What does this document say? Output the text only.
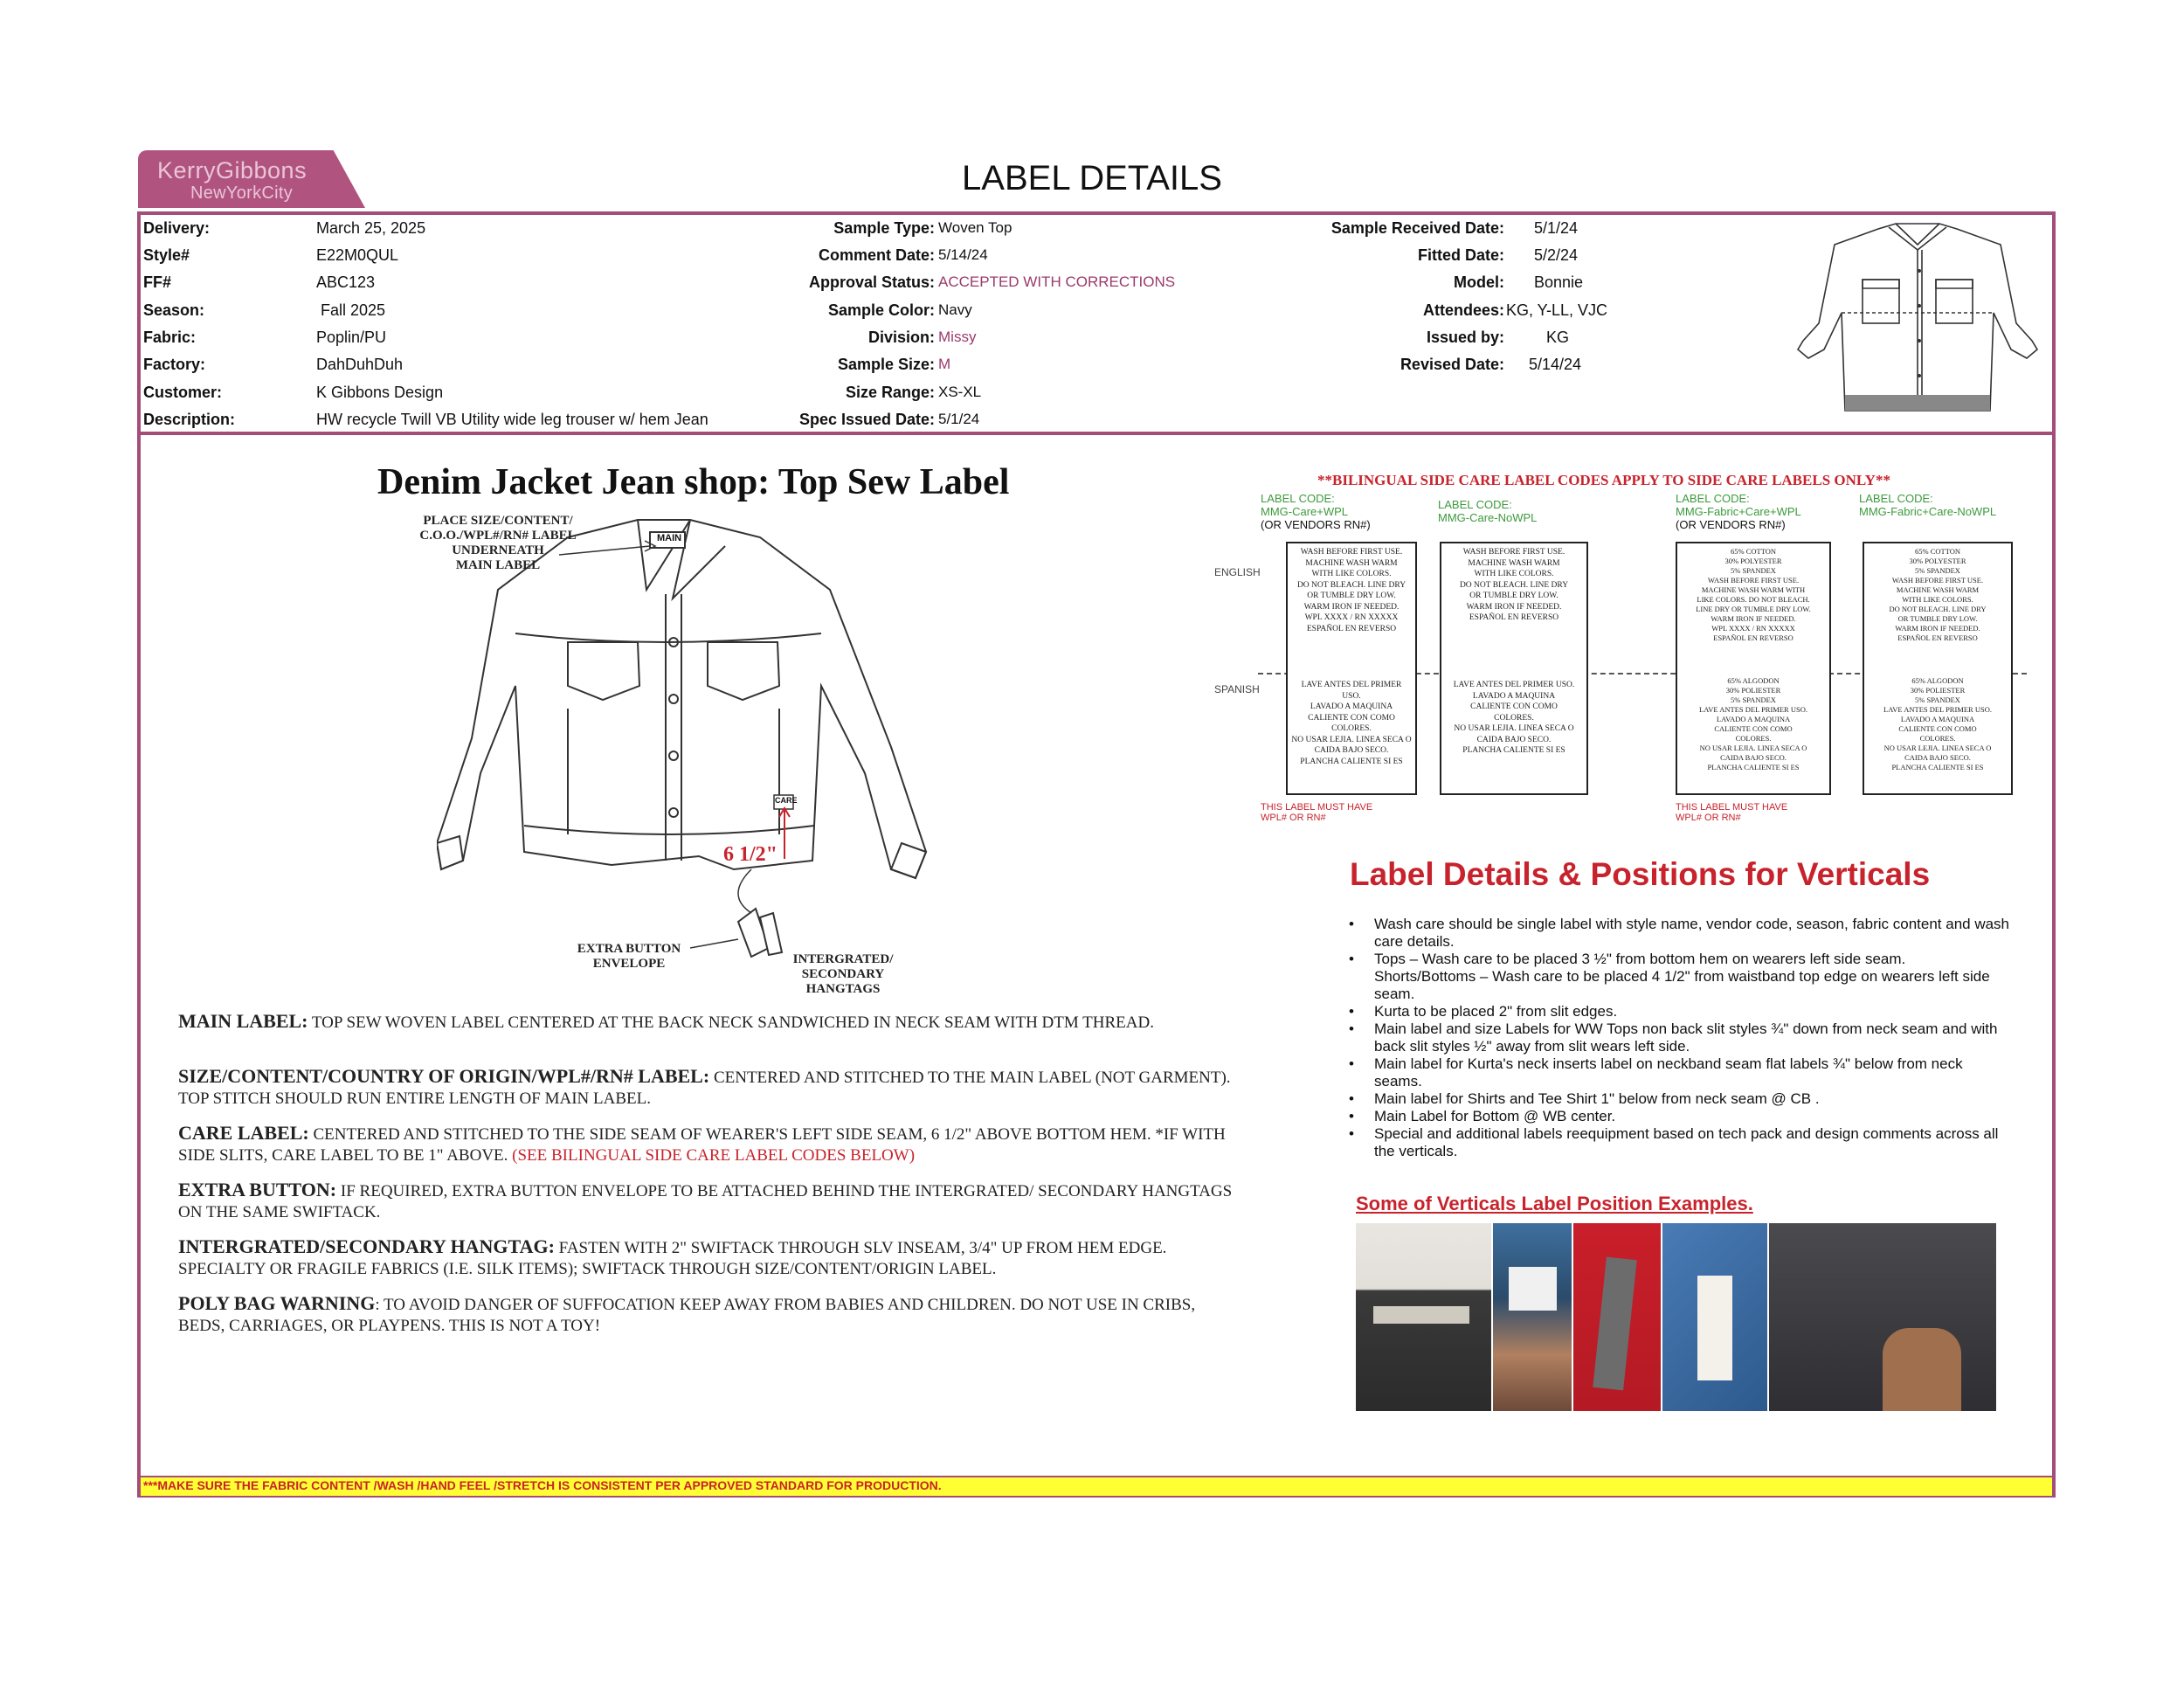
KerryGibbons
NewYorkCity	LABEL DETAILS
Delivery:	March 25, 2025
Style#	E22M0QUL
FF#	ABC123
Season:	Fall 2025
Fabric:	Poplin/PU
Factory:	DahDuhDuh
Customer:	K Gibbons Design
Description:	HW recycle Twill VB Utility wide leg trouser w/ hem Jean
Sample Type: Woven Top
Comment Date: 5/14/24
Approval Status: ACCEPTED WITH CORRECTIONS
Sample Color: Navy
Division: Missy
Sample Size: M
Size Range: XS-XL
Spec Issued Date: 5/1/24
Sample Received Date: 5/1/24
Fitted Date: 5/2/24
Model: Bonnie
Attendees: KG, Y-LL, VJC
Issued by:	KG
Revised Date: 5/14/24
Denim Jacket Jean shop: Top Sew Label
PLACE SIZE/CONTENT/
C.O.O./WPL#/RN# LABEL
UNDERNEATH
MAIN LABEL
MAIN
CARE
6 1/2"
EXTRA BUTTON
ENVELOPE	INTERGRATED/
SECONDARY
HANGTAGS
MAIN LABEL: TOP SEW WOVEN LABEL CENTERED AT THE BACK NECK SANDWICHED IN NECK SEAM WITH DTM THREAD.
SIZE/CONTENT/COUNTRY OF ORIGIN/WPL#/RN# LABEL: CENTERED AND STITCHED TO THE MAIN LABEL (NOT GARMENT). TOP STITCH SHOULD RUN ENTIRE LENGTH OF MAIN LABEL.
CARE LABEL: CENTERED AND STITCHED TO THE SIDE SEAM OF WEARER'S LEFT SIDE SEAM, 6 1/2" ABOVE BOTTOM HEM. *IF WITH SIDE SLITS, CARE LABEL TO BE 1" ABOVE. (SEE BILINGUAL SIDE CARE LABEL CODES BELOW)
EXTRA BUTTON: IF REQUIRED, EXTRA BUTTON ENVELOPE TO BE ATTACHED BEHIND THE INTERGRATED/ SECONDARY HANGTAGS ON THE SAME SWIFTACK.
INTERGRATED/SECONDARY HANGTAG: FASTEN WITH 2" SWIFTACK THROUGH SLV INSEAM, 3/4" UP FROM HEM EDGE. SPECIALTY OR FRAGILE FABRICS (I.E. SILK ITEMS); SWIFTACK THROUGH SIZE/CONTENT/ORIGIN LABEL.
POLY BAG WARNING: TO AVOID DANGER OF SUFFOCATION KEEP AWAY FROM BABIES AND CHILDREN. DO NOT USE IN CRIBS, BEDS, CARRIAGES, OR PLAYPENS. THIS IS NOT A TOY!
**BILINGUAL SIDE CARE LABEL CODES APPLY TO SIDE CARE LABELS ONLY**
ENGLISH
SPANISH
LABEL CODE:
MMG-Care+WPL
(OR VENDORS RN#)
WASH BEFORE FIRST USE.
MACHINE WASH WARM
WITH LIKE COLORS.
DO NOT BLEACH. LINE DRY
OR TUMBLE DRY LOW.
WARM IRON IF NEEDED.
WPL XXXX / RN XXXXX
ESPAÑOL EN REVERSO
LAVE ANTES DEL PRIMER USO.
LAVADO A MAQUINA
CALIENTE CON COMO
COLORES.
NO USAR LEJIA. LINEA SECA O
CAIDA BAJO SECO.
PLANCHA CALIENTE SI ES
THIS LABEL MUST HAVE
WPL# OR RN#
LABEL CODE:
MMG-Care-NoWPL
WASH BEFORE FIRST USE.
MACHINE WASH WARM
WITH LIKE COLORS.
DO NOT BLEACH. LINE DRY
OR TUMBLE DRY LOW.
WARM IRON IF NEEDED.
ESPAÑOL EN REVERSO
LAVE ANTES DEL PRIMER USO.
LAVADO A MAQUINA
CALIENTE CON COMO
COLORES.
NO USAR LEJIA. LINEA SECA O
CAIDA BAJO SECO.
PLANCHA CALIENTE SI ES
LABEL CODE:
MMG-Fabric+Care+WPL
(OR VENDORS RN#)
65% COTTON
30% POLYESTER
5% SPANDEX
WASH BEFORE FIRST USE.
MACHINE WASH WARM WITH
LIKE COLORS. DO NOT BLEACH.
LINE DRY OR TUMBLE DRY LOW.
WARM IRON IF NEEDED.
WPL XXXX / RN XXXXX
ESPAÑOL EN REVERSO
65% ALGODON
30% POLIESTER
5% SPANDEX
LAVE ANTES DEL PRIMER USO.
LAVADO A MAQUINA
CALIENTE CON COMO
COLORES.
NO USAR LEJIA. LINEA SECA O
CAIDA BAJO SECO.
PLANCHA CALIENTE SI ES
THIS LABEL MUST HAVE
WPL# OR RN#
LABEL CODE:
MMG-Fabric+Care-NoWPL
65% COTTON
30% POLYESTER
5% SPANDEX
WASH BEFORE FIRST USE.
MACHINE WASH WARM
WITH LIKE COLORS.
DO NOT BLEACH. LINE DRY
OR TUMBLE DRY LOW.
WARM IRON IF NEEDED.
ESPAÑOL EN REVERSO
65% ALGODON
30% POLIESTER
5% SPANDEX
LAVE ANTES DEL PRIMER USO.
LAVADO A MAQUINA
CALIENTE CON COMO
COLORES.
NO USAR LEJIA. LINEA SECA O
CAIDA BAJO SECO.
PLANCHA CALIENTE SI ES
Label Details & Positions for Verticals
• Wash care should be single label with style name, vendor code, season, fabric content and wash care details.
• Tops – Wash care to be placed 3 ½" from bottom hem on wearers left side seam.
Shorts/Bottoms – Wash care to be placed 4 1/2" from waistband top edge on wearers left side seam.
• Kurta to be placed 2" from slit edges.
• Main label and size Labels for WW Tops non back slit styles ¾" down from neck seam and with back slit styles ½" away from slit wears left side.
• Main label for Kurta's neck inserts label on neckband seam flat labels ¾" below from neck seams.
• Main label for Shirts and Tee Shirt 1" below from neck seam @ CB .
• Main Label for Bottom @ WB center.
• Special and additional labels reequipment based on tech pack and design comments across all the verticals.
Some of Verticals Label Position Examples.
***MAKE SURE THE FABRIC CONTENT /WASH /HAND FEEL /STRETCH IS CONSISTENT PER APPROVED STANDARD FOR PRODUCTION.
